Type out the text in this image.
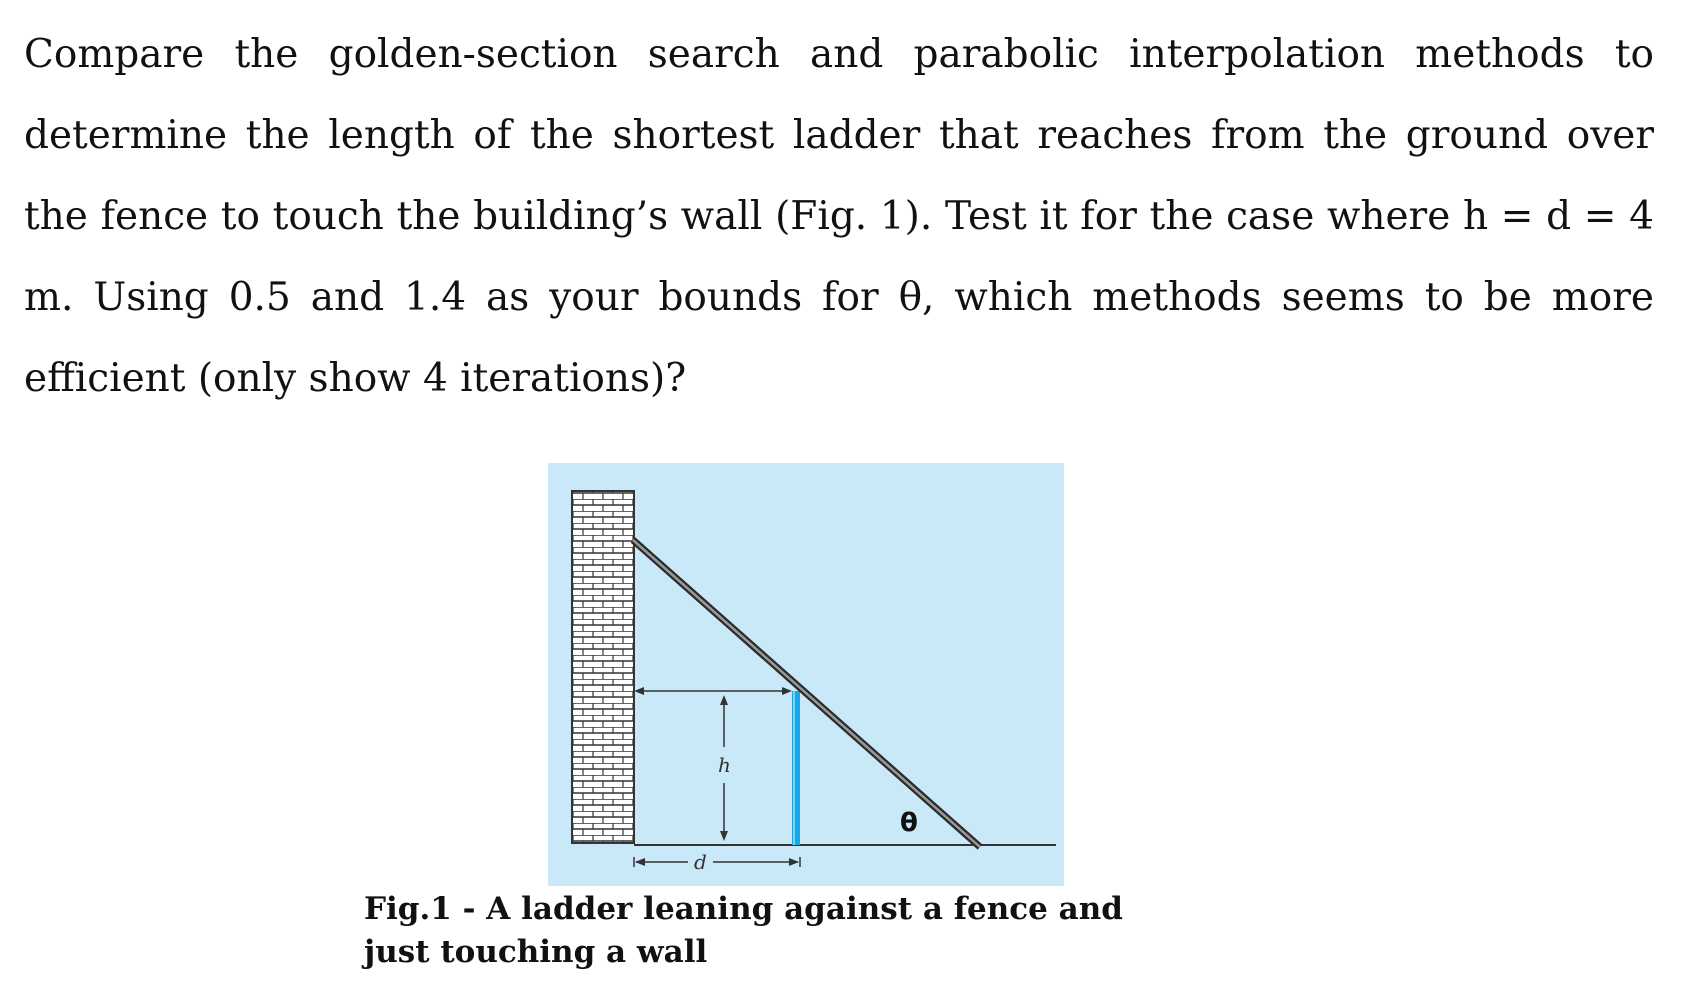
Compare the golden-section search and parabolic interpolation methods to determine the length of the shortest ladder that reaches from the ground over the fence to touch the building’s wall (Fig. 1). Test it for the case where h = d = 4 m. Using 0.5 and 1.4 as your bounds for θ, which methods seems to be more efficient (only show 4 iterations)?

h
d
θ
Fig.1 - A ladder leaning against a fence and just touching a wall
